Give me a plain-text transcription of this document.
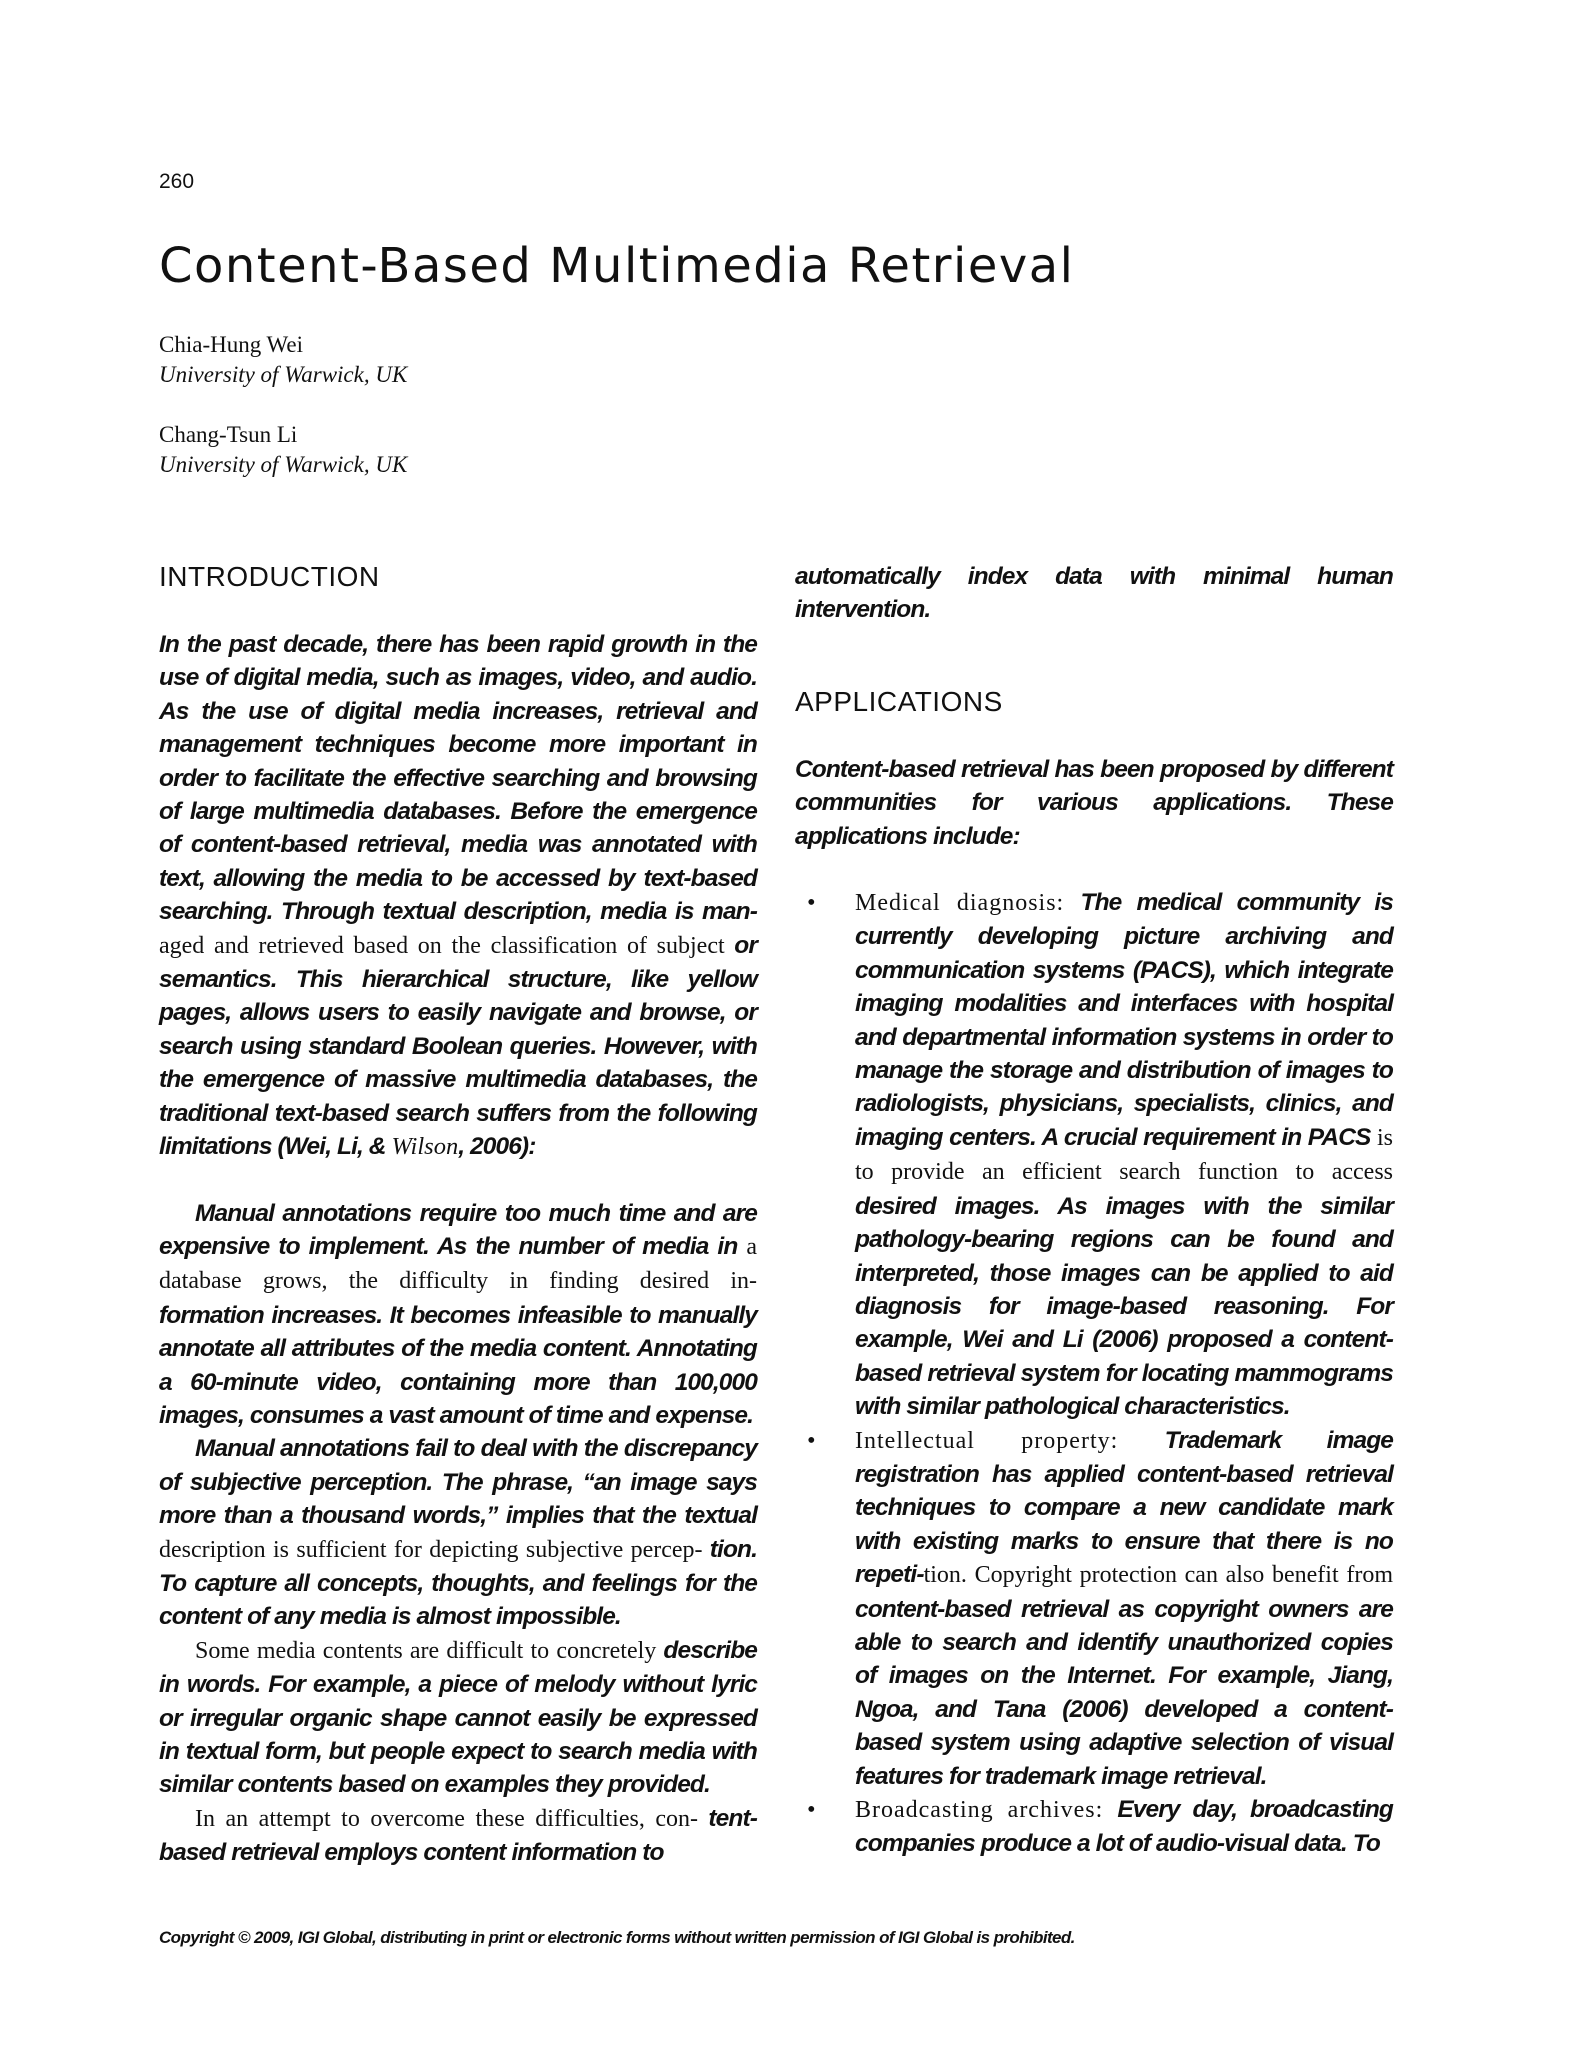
260
Content-Based Multimedia Retrieval
Chia-Hung Wei
University of Warwick, UK
Chang-Tsun Li
University of Warwick, UK
INTRODUCTION

In the past decade, there has been rapid growth in the use of digital media, such as images, video, and audio. As the use of digital media increases, retrieval and management techniques become more important in order to facilitate the effective searching and browsing of large multimedia databases. Before the emergence of content-based retrieval, media was annotated with text, allowing the media to be accessed by text-based searching. Through textual description, media is man-aged and retrieved based on the classification of subject or semantics. This hierarchical structure, like yellow pages, allows users to easily navigate and browse, or search using standard Boolean queries. However, with the emergence of massive multimedia databases, the traditional text-based search suffers from the following limitations (Wei, Li, & Wilson, 2006):

Manual annotations require too much time and are expensive to implement. As the number of media in a database grows, the difficulty in finding desired in- formation increases. It becomes infeasible to manually annotate all attributes of the media content. Annotating a 60-minute video, containing more than 100,000 images, consumes a vast amount of time and expense.

Manual annotations fail to deal with the discrepancy of subjective perception. The phrase, “an image says more than a thousand words,” implies that the textual description is sufficient for depicting subjective percep- tion. To capture all concepts, thoughts, and feelings for the content of any media is almost impossible.

Some media contents are difficult to concretely describe in words. For example, a piece of melody without lyric or irregular organic shape cannot easily be expressed in textual form, but people expect to search media with similar contents based on examples they provided.

In an attempt to overcome these difficulties, con- tent-based retrieval employs content information to

automatically index data with minimal human intervention.

APPLICATIONS

Content-based retrieval has been proposed by different communities for various applications. These applications include:

• Medical diagnosis: The medical community is currently developing picture archiving and communication systems (PACS), which integrate imaging modalities and interfaces with hospital and departmental information systems in order to manage the storage and distribution of images to radiologists, physicians, specialists, clinics, and imaging centers. A crucial requirement in PACS is to provide an efficient search function to access desired images. As images with the similar pathology-bearing regions can be found and interpreted, those images can be applied to aid diagnosis for image-based reasoning. For example, Wei and Li (2006) proposed a content-based retrieval system for locating mammograms with similar pathological characteristics.
• Intellectual property: Trademark image registration has applied content-based retrieval techniques to compare a new candidate mark with existing marks to ensure that there is no repeti-tion. Copyright protection can also benefit from content-based retrieval as copyright owners are able to search and identify unauthorized copies of images on the Internet. For example, Jiang, Ngoa, and Tana (2006) developed a content-based system using adaptive selection of visual features for trademark image retrieval.
• Broadcasting archives: Every day, broadcasting companies produce a lot of audio-visual data. To
Copyright © 2009, IGI Global, distributing in print or electronic forms without written permission of IGI Global is prohibited.
